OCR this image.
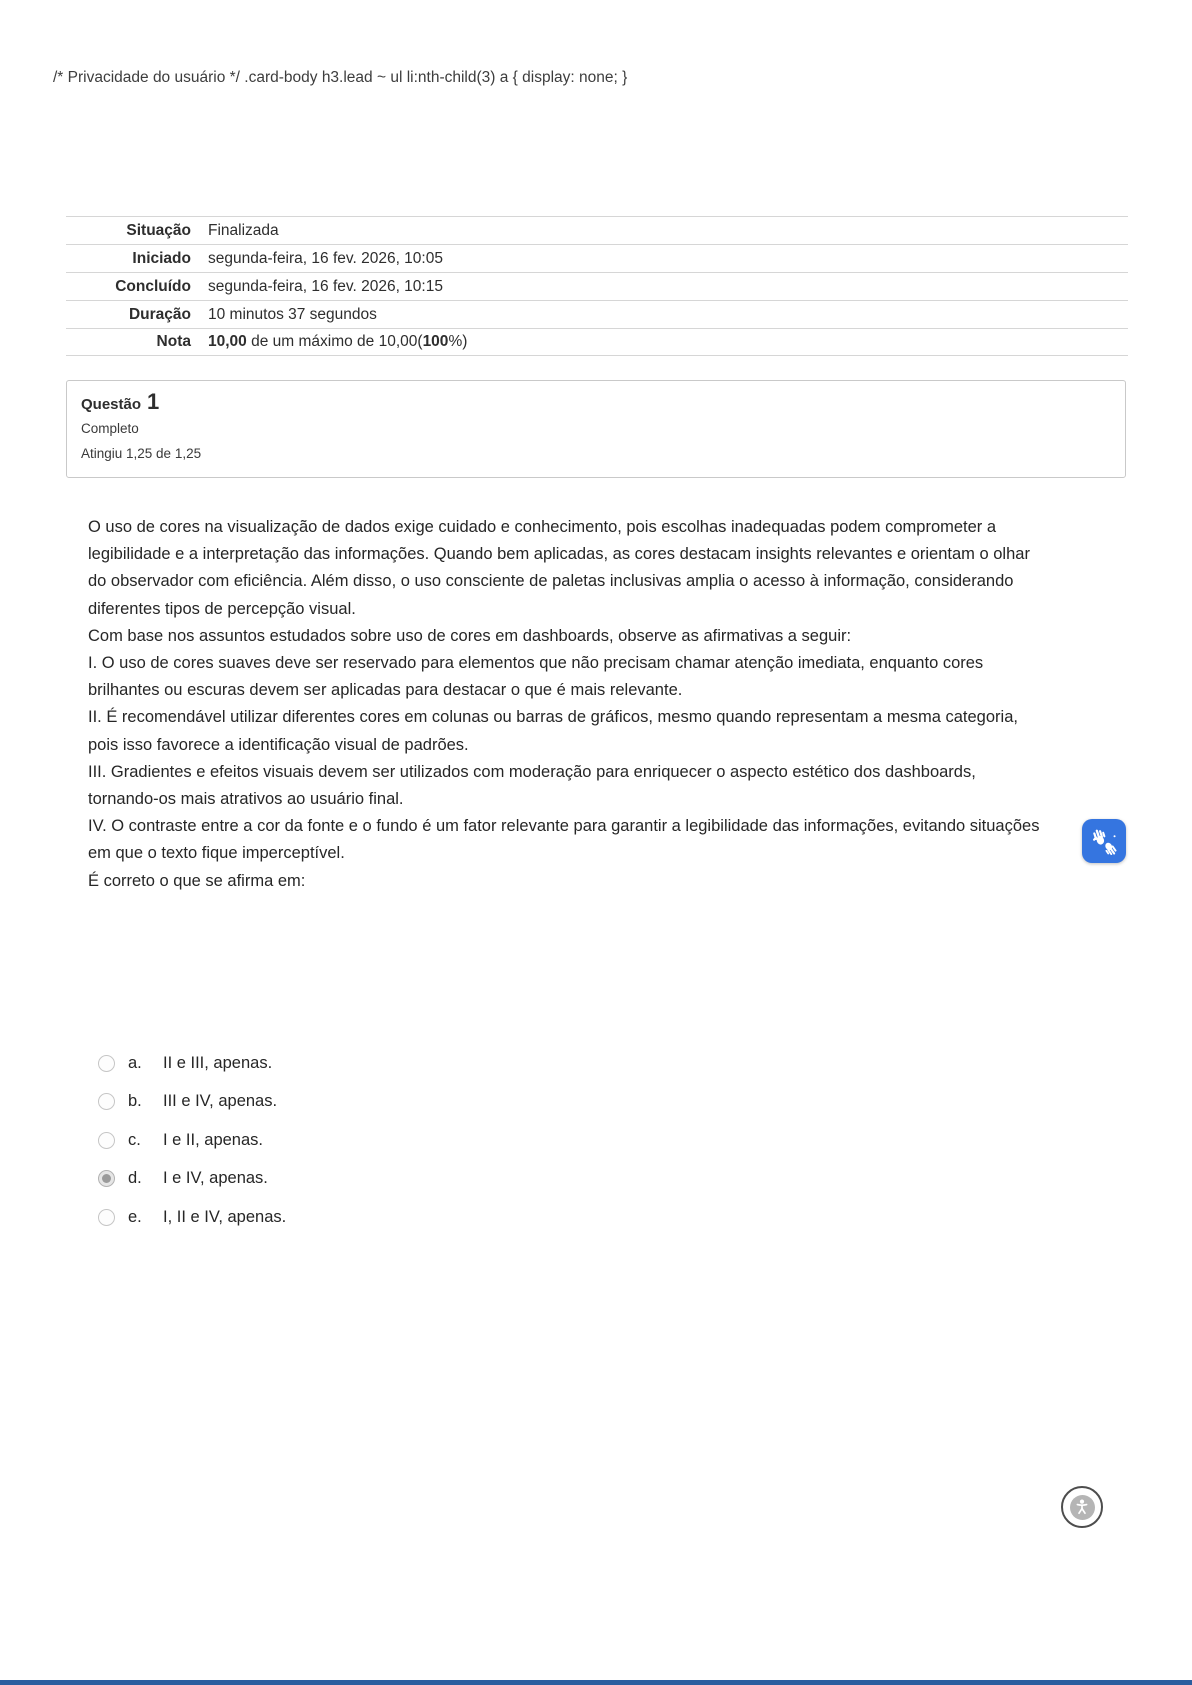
/* Privacidade do usuário */ .card-body h3.lead ~ ul li:nth-child(3) a { display: none; }
Situação	Finalizada
Iniciado	segunda-feira, 16 fev. 2026, 10:05
Concluído	segunda-feira, 16 fev. 2026, 10:15
Duração	10 minutos 37 segundos
Nota	10,00 de um máximo de 10,00(100%)
Questão 1
Completo
Atingiu 1,25 de 1,25
O uso de cores na visualização de dados exige cuidado e conhecimento, pois escolhas inadequadas podem comprometer a legibilidade e a interpretação das informações. Quando bem aplicadas, as cores destacam insights relevantes e orientam o olhar do observador com eficiência. Além disso, o uso consciente de paletas inclusivas amplia o acesso à informação, considerando diferentes tipos de percepção visual.
Com base nos assuntos estudados sobre uso de cores em dashboards, observe as afirmativas a seguir:
I. O uso de cores suaves deve ser reservado para elementos que não precisam chamar atenção imediata, enquanto cores brilhantes ou escuras devem ser aplicadas para destacar o que é mais relevante.
II. É recomendável utilizar diferentes cores em colunas ou barras de gráficos, mesmo quando representam a mesma categoria, pois isso favorece a identificação visual de padrões.
III. Gradientes e efeitos visuais devem ser utilizados com moderação para enriquecer o aspecto estético dos dashboards, tornando-os mais atrativos ao usuário final.
IV. O contraste entre a cor da fonte e o fundo é um fator relevante para garantir a legibilidade das informações, evitando situações em que o texto fique imperceptível.
É correto o que se afirma em:
a.	II e III, apenas.
b.	III e IV, apenas.
c.	I e II, apenas.
d.	I e IV, apenas.
e.	I, II e IV, apenas.
